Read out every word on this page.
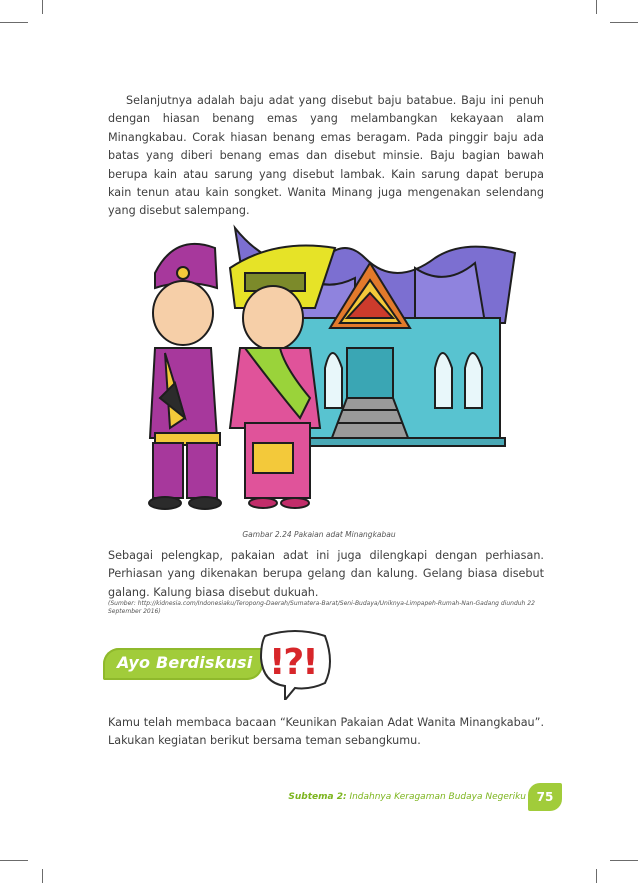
Selanjutnya adalah baju adat yang disebut baju batabue. Baju ini penuh dengan hiasan benang emas yang melambangkan kekayaan alam Minangkabau. Corak hiasan benang emas beragam. Pada pinggir baju ada batas yang diberi benang emas dan disebut minsie. Baju bagian bawah berupa kain atau sarung yang disebut lambak. Kain sarung dapat berupa kain tenun atau kain songket. Wanita Minang juga mengenakan selendang yang disebut salempang.

Gambar 2.24 Pakaian adat Minangkabau

Sebagai pelengkap, pakaian adat ini juga dilengkapi dengan perhiasan. Perhiasan yang dikenakan berupa gelang dan kalung. Gelang biasa disebut galang. Kalung biasa disebut dukuah.

(Sumber: http://kidnesia.com/Indonesiaku/Teropong-Daerah/Sumatera-Barat/Seni-Budaya/Uniknya-Limpapeh-Rumah-Nan-Gadang diunduh 22 September 2016)
Ayo Berdiskusi !?!

Kamu telah membaca bacaan “Keunikan Pakaian Adat Wanita Minangkabau”. Lakukan kegiatan berikut bersama teman sebangkumu.

Subtema 2: Indahnya Keragaman Budaya Negeriku 75
